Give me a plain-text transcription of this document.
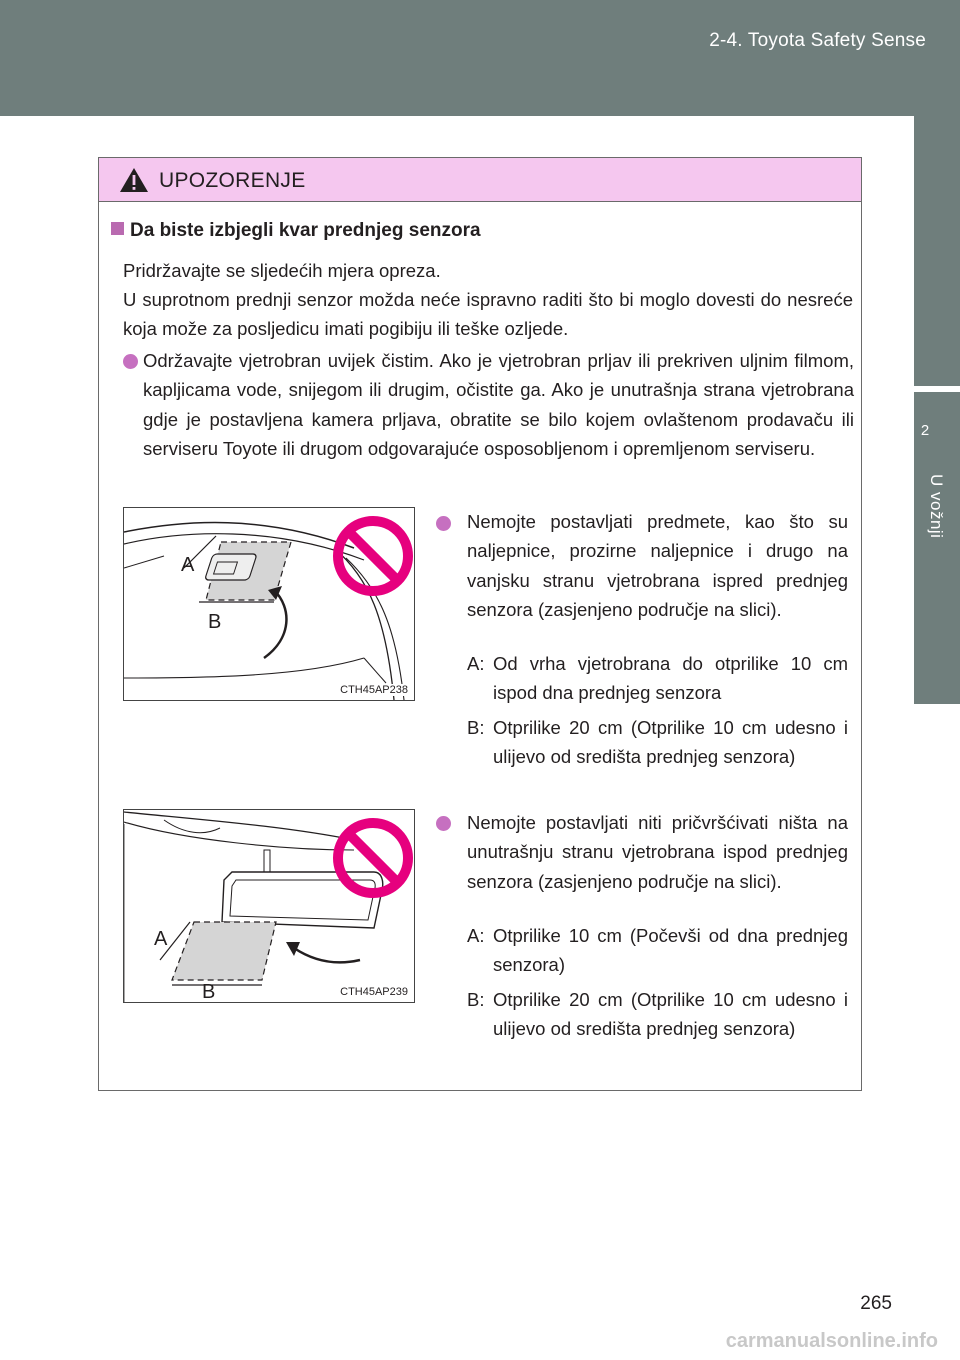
2-4. Toyota Safety Sense
2
U vožnji
UPOZORENJE
Da biste izbjegli kvar prednjeg senzora
Pridržavajte se sljedećih mjera opreza.
U suprotnom prednji senzor možda neće ispravno raditi što bi moglo dovesti do nesreće koja može za posljedicu imati pogibiju ili teške ozljede.
Održavajte vjetrobran uvijek čistim. Ako je vjetrobran prljav ili prekriven uljnim filmom, kapljicama vode, snijegom ili drugim, očistite ga. Ako je unutrašnja strana vjetrobrana gdje je postavljena kamera prljava, obratite se bilo kojem ovlaštenom prodavaču ili serviseru Toyote ili drugom odgovarajuće osposobljenom i opremljenom serviseru.
A
B
CTH45AP238
Nemojte postavljati predmete, kao što su naljepnice, prozirne naljepnice i drugo na vanjsku stranu vjetrobrana ispred prednjeg senzora (zasjenjeno područje na slici).
A: Od vrha vjetrobrana do otprilike 10 cm ispod dna prednjeg senzora
B: Otprilike 20 cm (Otprilike 10 cm udesno i ulijevo od središta prednjeg senzora)
A
B	CTH45AP239
Nemojte postavljati niti pričvršćivati ništa na unutrašnju stranu vjetrobrana ispod prednjeg senzora (zasjenjeno područje na slici).
A: Otprilike 10 cm (Počevši od dna prednjeg senzora)
B: Otprilike 20 cm (Otprilike 10 cm udesno i ulijevo od središta prednjeg senzora)
265
carmanualsonline.info
